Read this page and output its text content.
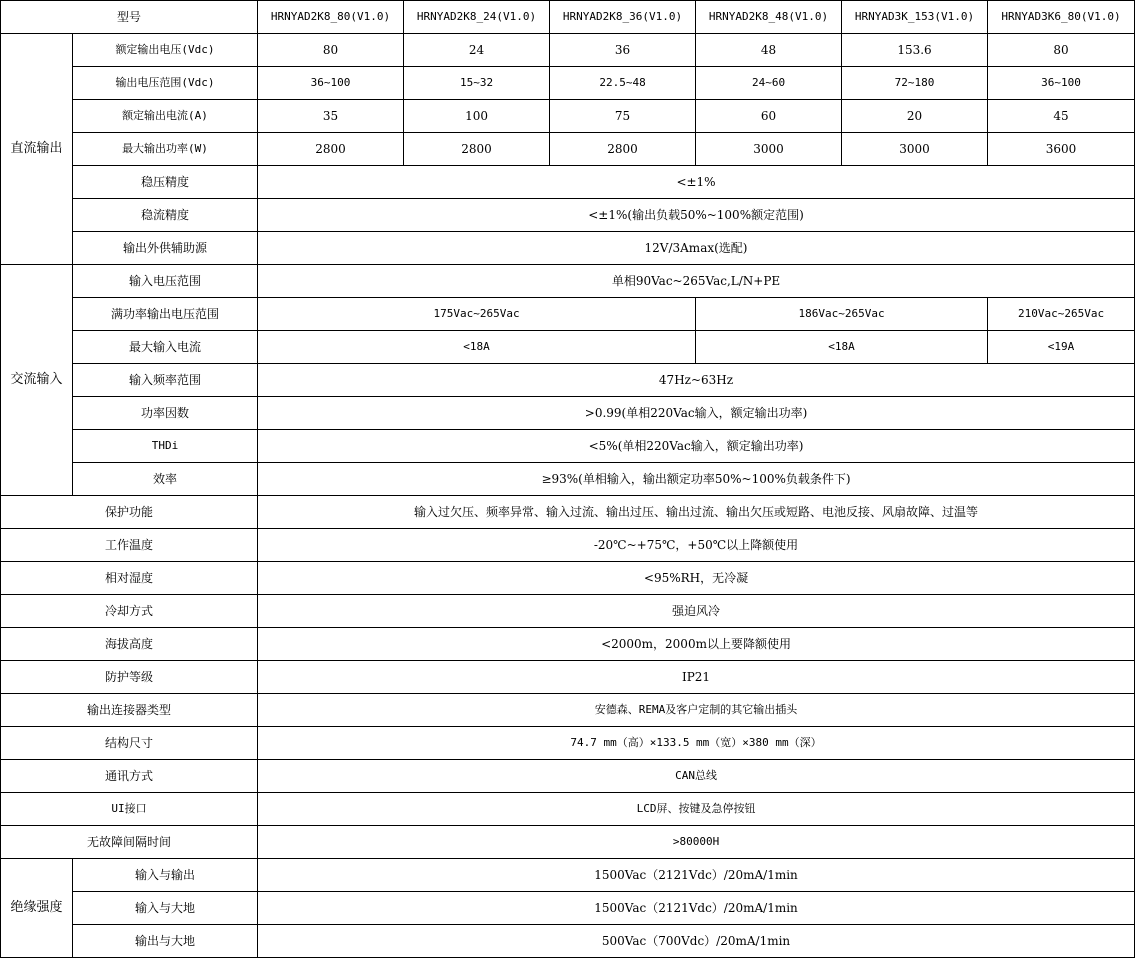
型号		HRNYAD2K8_80(V1.0)	HRNYAD2K8_24(V1.0)	HRNYAD2K8_36(V1.0)	HRNYAD2K8_48(V1.0)	HRNYAD3K_153(V1.0)	HRNYAD3K6_80(V1.0)
直流输出	额定输出电压(Vdc)	80	24	36	48	153.6	80
	输出电压范围(Vdc)	36~100	15~32	22.5~48	24~60	72~180	36~100
	额定输出电流(A)	35	100	75	60	20	45
	最大输出功率(W)	2800	2800	2800	3000	3000	3600
	稳压精度	<±1%					
	稳流精度	<±1%(输出负载50%~100%额定范围)					
	输出外供辅助源	12V/3Amax(选配)					
交流输入	输入电压范围	单相90Vac~265Vac,L/N+PE					
	满功率输出电压范围	175Vac~265Vac			186Vac~265Vac		210Vac~265Vac
	最大输入电流	<18A			<18A		<19A
	输入频率范围	47Hz~63Hz					
	功率因数	>0.99(单相220Vac输入，额定输出功率)					
	THDi	<5%(单相220Vac输入，额定输出功率)					
	效率	≥93%(单相输入，输出额定功率50%~100%负载条件下)					
保护功能		输入过欠压、频率异常、输入过流、输出过压、输出过流、输出欠压或短路、电池反接、风扇故障、过温等					
工作温度		-20℃~+75℃，+50℃以上降额使用					
相对湿度		<95%RH，无冷凝					
冷却方式		强迫风冷					
海拔高度		<2000m，2000m以上要降额使用					
防护等级		IP21					
输出连接器类型		安德森、REMA及客户定制的其它输出插头					
结构尺寸		74.7 mm（高）×133.5 mm（宽）×380 mm（深）					
通讯方式		CAN总线					
UI接口		LCD屏、按键及急停按钮					
无故障间隔时间		>80000H					
绝缘强度	输入与输出	1500Vac（2121Vdc）/20mA/1min					
	输入与大地	1500Vac（2121Vdc）/20mA/1min					
	输出与大地	500Vac（700Vdc）/20mA/1min					
